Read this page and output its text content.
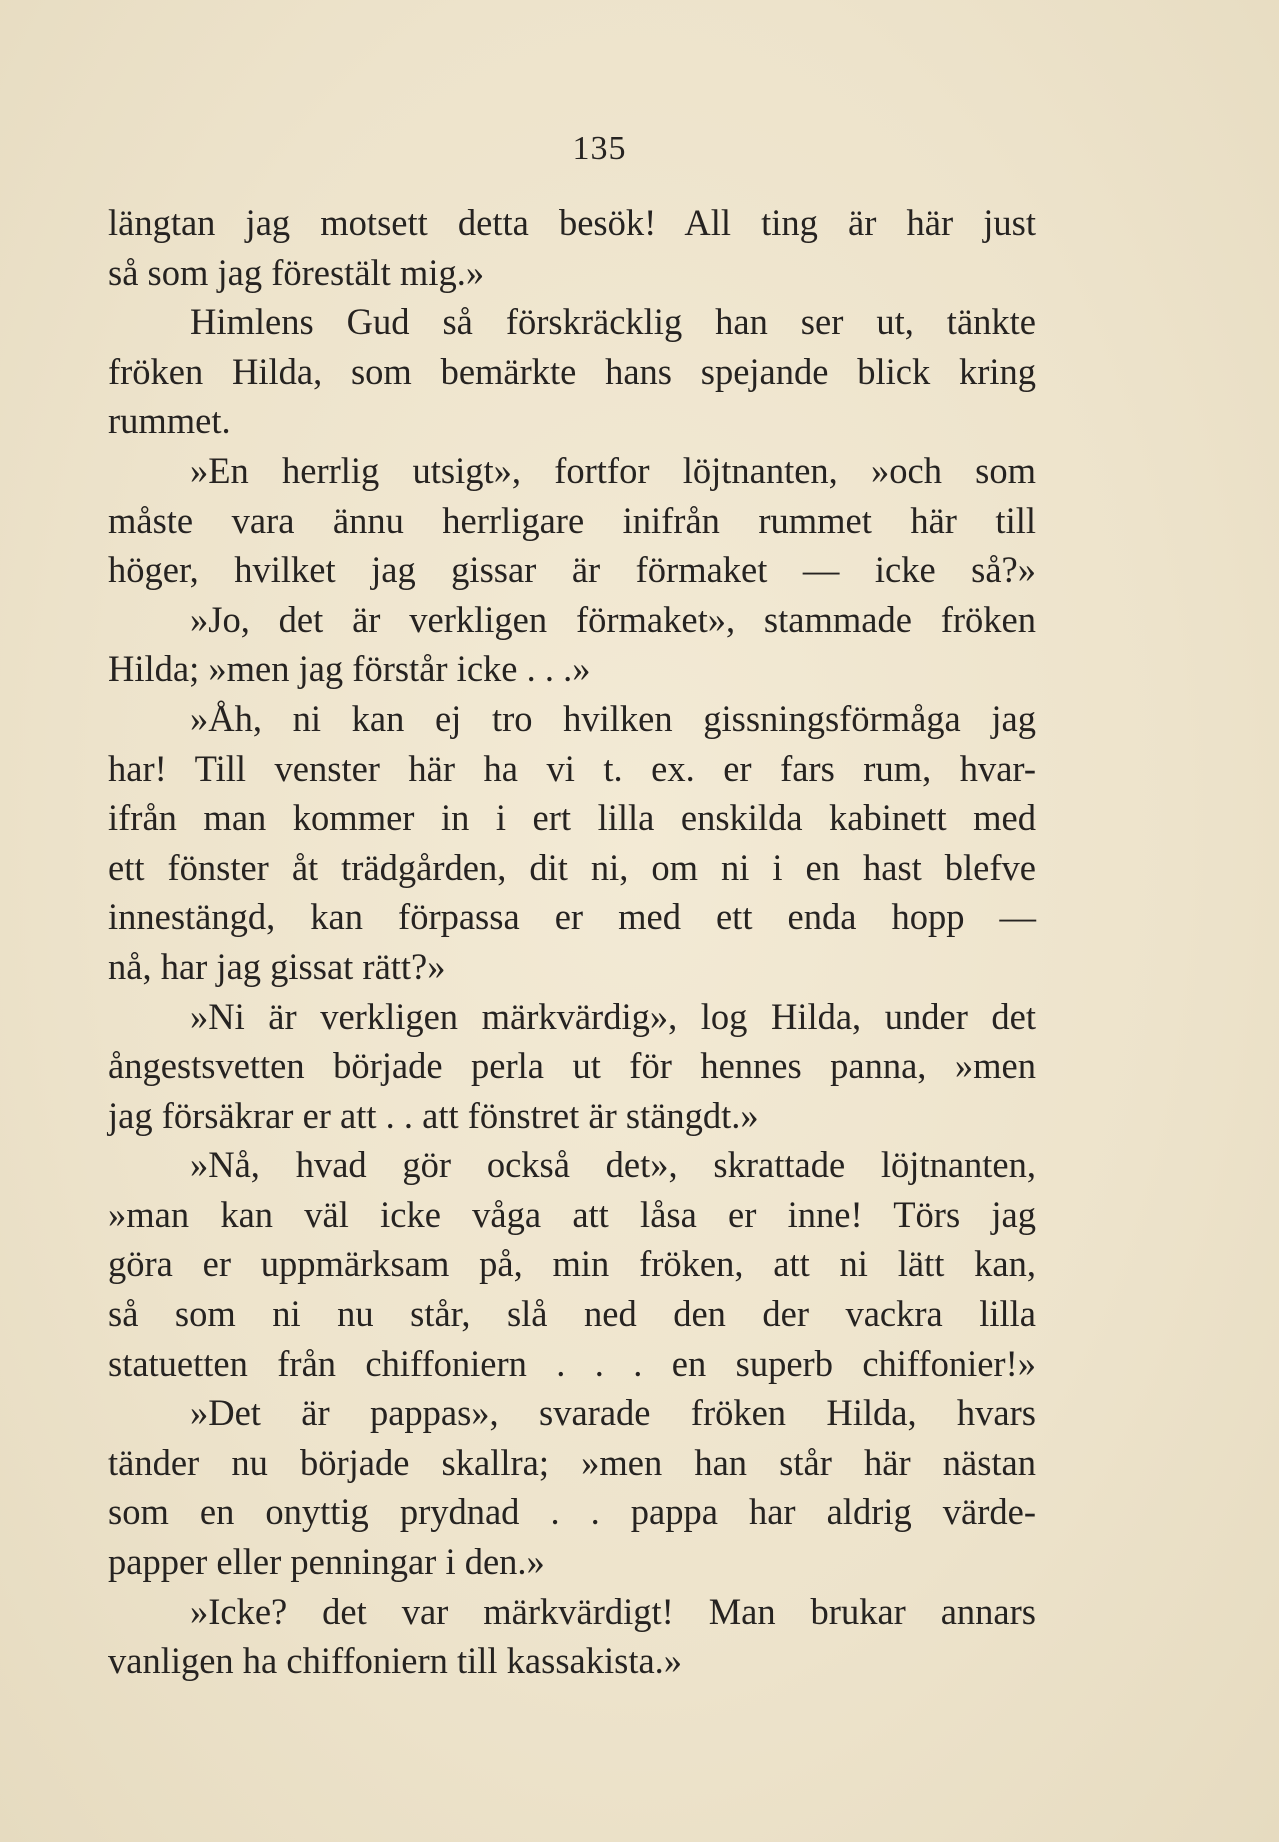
135
längtan jag motsett detta besök! All ting är här just
så som jag förestält mig.»
Himlens Gud så förskräcklig han ser ut, tänkte
fröken Hilda, som bemärkte hans spejande blick kring
rummet.
»En herrlig utsigt», fortfor löjtnanten, »och som
måste vara ännu herrligare inifrån rummet här till
höger, hvilket jag gissar är förmaket — icke så?»
»Jo, det är verkligen förmaket», stammade fröken
Hilda; »men jag förstår icke . . .»
»Åh, ni kan ej tro hvilken gissningsförmåga jag
har! Till venster här ha vi t. ex. er fars rum, hvar-
ifrån man kommer in i ert lilla enskilda kabinett med
ett fönster åt trädgården, dit ni, om ni i en hast blefve
innestängd, kan förpassa er med ett enda hopp —
nå, har jag gissat rätt?»
»Ni är verkligen märkvärdig», log Hilda, under det
ångestsvetten började perla ut för hennes panna, »men
jag försäkrar er att . . att fönstret är stängdt.»
»Nå, hvad gör också det», skrattade löjtnanten,
»man kan väl icke våga att låsa er inne! Törs jag
göra er uppmärksam på, min fröken, att ni lätt kan,
så som ni nu står, slå ned den der vackra lilla
statuetten från chiffoniern . . . en superb chiffonier!»
»Det är pappas», svarade fröken Hilda, hvars
tänder nu började skallra; »men han står här nästan
som en onyttig prydnad . . pappa har aldrig värde-
papper eller penningar i den.»
»Icke? det var märkvärdigt! Man brukar annars
vanligen ha chiffoniern till kassakista.»
